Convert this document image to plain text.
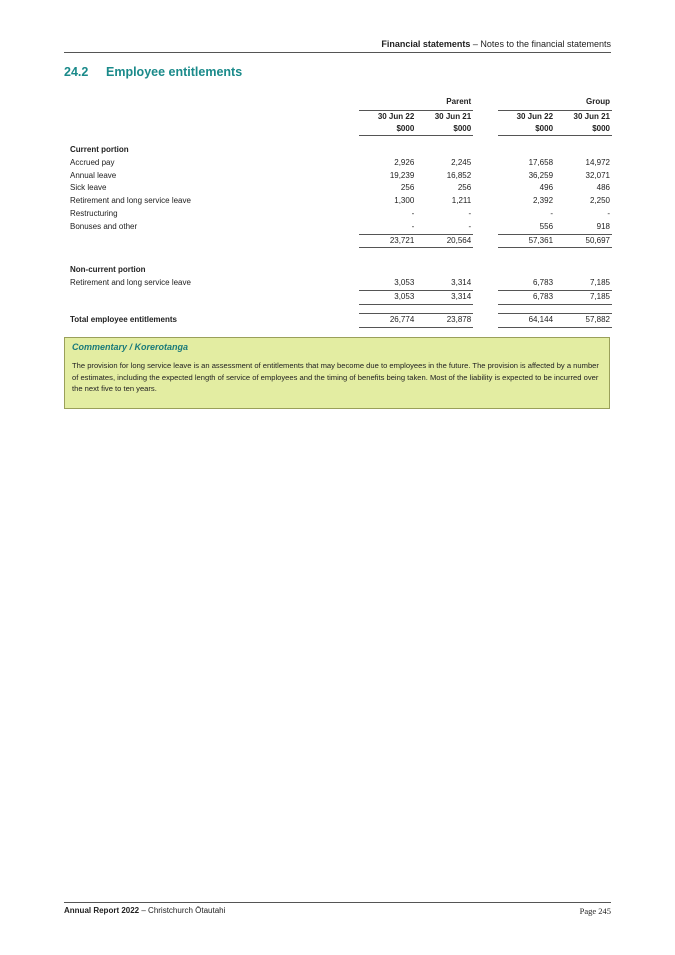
Financial statements – Notes to the financial statements
24.2 Employee entitlements
	Parent			Group	
	30 Jun 22	30 Jun 21		30 Jun 22	30 Jun 21
	$000	$000		$000	$000

Current portion					
Accrued pay	2,926	2,245		17,658	14,972
Annual leave	19,239	16,852		36,259	32,071
Sick leave	256	256		496	486
Retirement and long service leave	1,300	1,211		2,392	2,250
Restructuring	-	-		-	-
Bonuses and other	-	-		556	918
	23,721	20,564		57,361	50,697

Non-current portion					
Retirement and long service leave	3,053	3,314		6,783	7,185
	3,053	3,314		6,783	7,185

Total employee entitlements	26,774	23,878		64,144	57,882
Commentary / Korerotanga
The provision for long service leave is an assessment of entitlements that may become due to employees in the future. The provision is affected by a number of estimates, including the expected length of service of employees and the timing of benefits being taken. Most of the liability is expected to be incurred over the next five to ten years.
Annual Report 2022 – Christchurch Ōtautahi	Page 245
